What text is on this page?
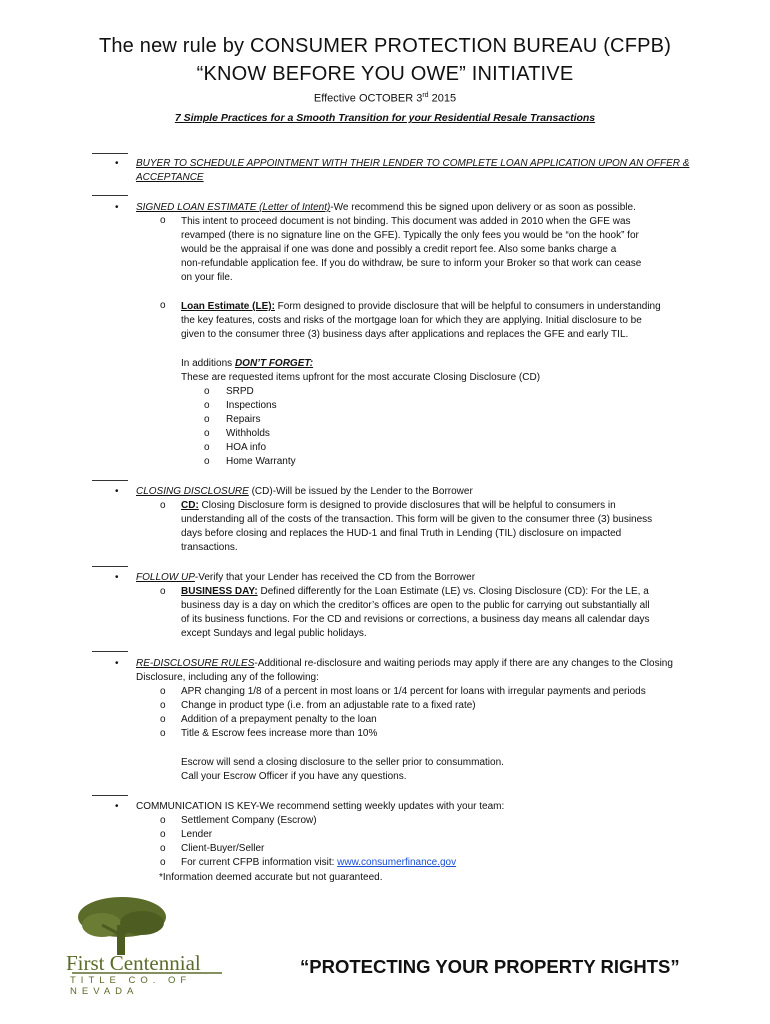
The new rule by CONSUMER PROTECTION BUREAU (CFPB)
“KNOW BEFORE YOU OWE” INITIATIVE
Effective OCTOBER 3rd 2015
7 Simple Practices for a Smooth Transition for your Residential Resale Transactions
• BUYER TO SCHEDULE APPOINTMENT WITH THEIR LENDER TO COMPLETE LOAN APPLICATION UPON AN OFFER &
ACCEPTANCE
• SIGNED LOAN ESTIMATE (Letter of Intent)-We recommend this be signed upon delivery or as soon as possible.
o This intent to proceed document is not binding. This document was added in 2010 when the GFE was
revamped (there is no signature line on the GFE). Typically the only fees you would be “on the hook” for
would be the appraisal if one was done and possibly a credit report fee. Also some banks charge a
non-refundable application fee. If you do withdraw, be sure to inform your Broker so that work can cease
on your file.
o Loan Estimate (LE): Form designed to provide disclosure that will be helpful to consumers in understanding
the key features, costs and risks of the mortgage loan for which they are applying. Initial disclosure to be
given to the consumer three (3) business days after applications and replaces the GFE and early TIL.
In additions DON’T FORGET:
These are requested items upfront for the most accurate Closing Disclosure (CD)
o SRPD
o Inspections
o Repairs
o Withholds
o HOA info
o Home Warranty
• CLOSING DISCLOSURE (CD)-Will be issued by the Lender to the Borrower
o CD: Closing Disclosure form is designed to provide disclosures that will be helpful to consumers in
understanding all of the costs of the transaction. This form will be given to the consumer three (3) business
days before closing and replaces the HUD-1 and final Truth in Lending (TIL) disclosure on impacted
transactions.
• FOLLOW UP-Verify that your Lender has received the CD from the Borrower
o BUSINESS DAY: Defined differently for the Loan Estimate (LE) vs. Closing Disclosure (CD): For the LE, a
business day is a day on which the creditor’s offices are open to the public for carrying out substantially all
of its business functions. For the CD and revisions or corrections, a business day means all calendar days
except Sundays and legal public holidays.
• RE-DISCLOSURE RULES-Additional re-disclosure and waiting periods may apply if there are any changes to the Closing
Disclosure, including any of the following:
o APR changing 1/8 of a percent in most loans or 1/4 percent for loans with irregular payments and periods
o Change in product type (i.e. from an adjustable rate to a fixed rate)
o Addition of a prepayment penalty to the loan
o Title & Escrow fees increase more than 10%
Escrow will send a closing disclosure to the seller prior to consummation.
Call your Escrow Officer if you have any questions.
• COMMUNICATION IS KEY-We recommend setting weekly updates with your team:
o Settlement Company (Escrow)
o Lender
o Client-Buyer/Seller
o For current CFPB information visit: www.consumerfinance.gov
*Information deemed accurate but not guaranteed.
First Centennial
TITLE CO. OF NEVADA
“PROTECTING YOUR PROPERTY RIGHTS”
